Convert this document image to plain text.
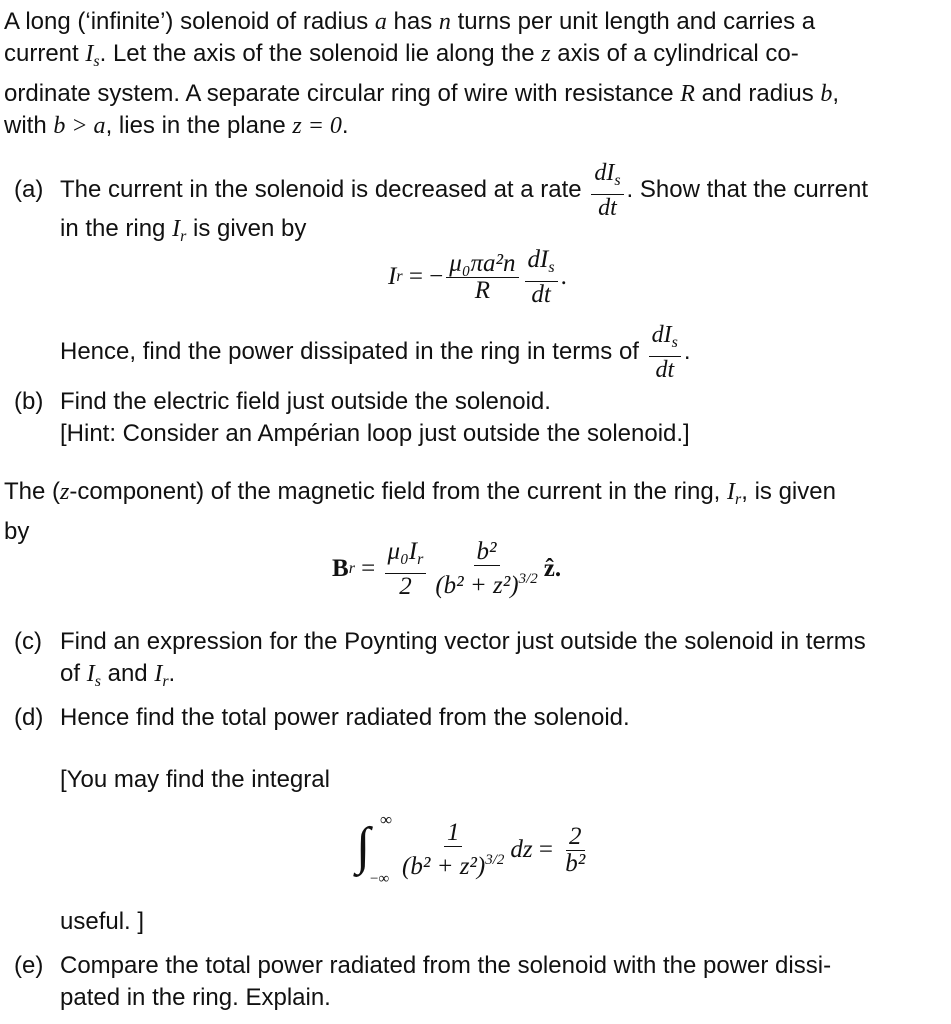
A long (‘infinite’) solenoid of radius a has n turns per unit length and carries a
current $I_s$. Let the axis of the solenoid lie along the z axis of a cylindrical co-
ordinate system. A separate circular ring of wire with resistance R and radius b,
with b > a, lies in the plane z = 0.
(a) The current in the solenoid is decreased at a rate $\frac{dI_s}{dt}$ . Show that the current
in the ring $I_r$ is given by
I r = − $\frac{\text{μ₀πa²n}}{R} \frac{dI_s}{dt}$ .
Hence, find the power dissipated in the ring in terms of $\frac{dI_s}{dt}$ .
(b) Find the electric field just outside the solenoid.
[Hint: Consider an Ampérian loop just outside the solenoid.]
The (z-component) of the magnetic field from the current in the ring, $I_r$, is given
by
B $r = \frac{\mu_0I_r}{2} \frac{\text{b²}}{(b^2 + z^2)^{3/2}}$ ẑ.
(c) Find an expression for the Poynting vector just outside the solenoid in terms
of $I_s$ and $I_r$.
(d) Hence find the total power radiated from the solenoid.
[You may find the integral
∫ ∞
−∞ $\frac{1}{(b^2 + z^2)^{3/2}}$ dz = $\frac{2}{\text{b²}}$
useful. ]
(e) Compare the total power radiated from the solenoid with the power dissi-
pated in the ring. Explain.
